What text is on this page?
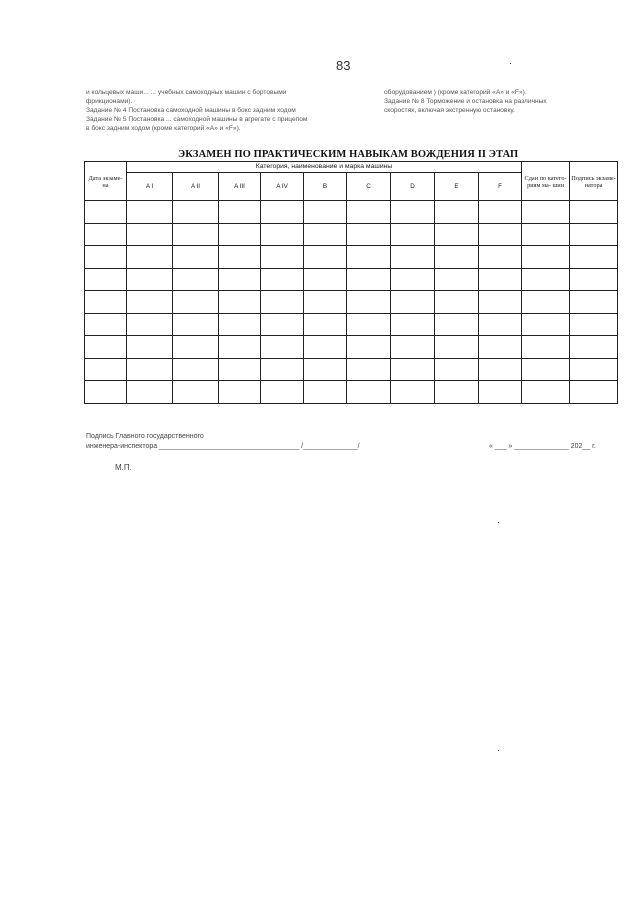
83
и кольцевых маши... ... учебных самоходных машин с бортовыми
фрикционами).
Задание № 4 Постановка самоходной машины в бокс задним ходом
Задание № 5 Постановка ... самоходной машины в агрегате с прицепом
в бокс задним ходом (кроме категорий «А» и «F»).
оборудованием ) (кроме категорий «А» и «F»).
Задание № 8 Торможение и остановка на различных
скоростях, включая экстренную остановку.
ЭКЗАМЕН ПО ПРАКТИЧЕСКИМ НАВЫКАМ ВОЖДЕНИЯ II ЭТАП
Дата экзаме- на	Категория, наименование и марка машины									Сдан по катего- риям ма- шин	Подпись экзаме- натора
	A I	A II	A III	A IV	B	C	D	E	F		

Подпись Главного государственного
инженера-инспектора ____________________________________ /______________/	« ___ » ______________ 202__ г.
М.П.
